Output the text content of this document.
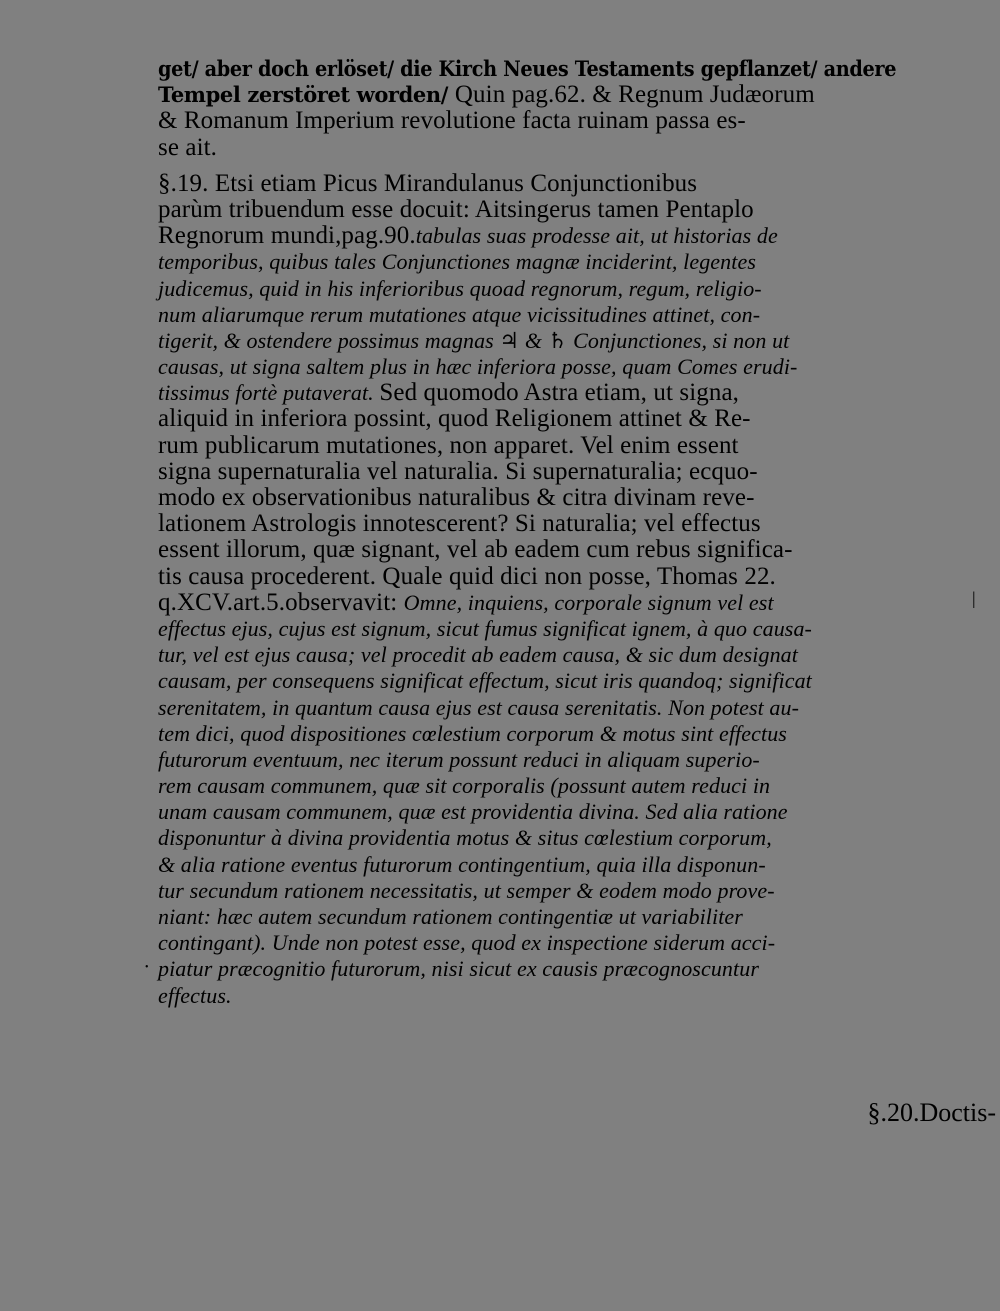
get/ aber doch erlöset/ die Kirch Neues Testaments gepflanzet/ andere
Tempel zerstöret worden/ Quin pag.62. & Regnum Judæorum
& Romanum Imperium revolutione facta ruinam passa es-
se ait.
§.19. Etsi etiam Picus Mirandulanus Conjunctionibus
parùm tribuendum esse docuit: Aitsingerus tamen Pentaplo
Regnorum mundi,pag.90.tabulas suas prodesse ait, ut historias de
temporibus, quibus tales Conjunctiones magnæ inciderint, legentes
judicemus, quid in his inferioribus quoad regnorum, regum, religio-
num aliarumque rerum mutationes atque vicissitudines attinet, con-
tigerit, & ostendere possimus magnas ♃ & ♄ Conjunctiones, si non ut
causas, ut signa saltem plus in hæc inferiora posse, quam Comes erudi-
tissimus fortè putaverat. Sed quomodo Astra etiam, ut signa,
aliquid in inferiora possint, quod Religionem attinet & Re-
rum publicarum mutationes, non apparet. Vel enim essent
signa supernaturalia vel naturalia. Si supernaturalia; ecquo-
modo ex observationibus naturalibus & citra divinam reve-
lationem Astrologis innotescerent? Si naturalia; vel effectus
essent illorum, quæ signant, vel ab eadem cum rebus significa-
tis causa procederent. Quale quid dici non posse, Thomas 22.
q.XCV.art.5.observavit: Omne, inquiens, corporale signum vel est
effectus ejus, cujus est signum, sicut fumus significat ignem, à quo causa-
tur, vel est ejus causa; vel procedit ab eadem causa, & sic dum designat
causam, per consequens significat effectum, sicut iris quandoq; significat
serenitatem, in quantum causa ejus est causa serenitatis. Non potest au-
tem dici, quod dispositiones cœlestium corporum & motus sint effectus
futurorum eventuum, nec iterum possunt reduci in aliquam superio-
rem causam communem, quæ sit corporalis (possunt autem reduci in
unam causam communem, quæ est providentia divina. Sed alia ratione
disponuntur à divina providentia motus & situs cœlestium corporum,
& alia ratione eventus futurorum contingentium, quia illa disponun-
tur secundum rationem necessitatis, ut semper & eodem modo prove-
niant: hæc autem secundum rationem contingentiæ ut variabiliter
contingant). Unde non potest esse, quod ex inspectione siderum acci-
piatur præcognitio futurorum, nisi sicut ex causis præcognoscuntur
effectus.
§.20.Doctis-
|
•
